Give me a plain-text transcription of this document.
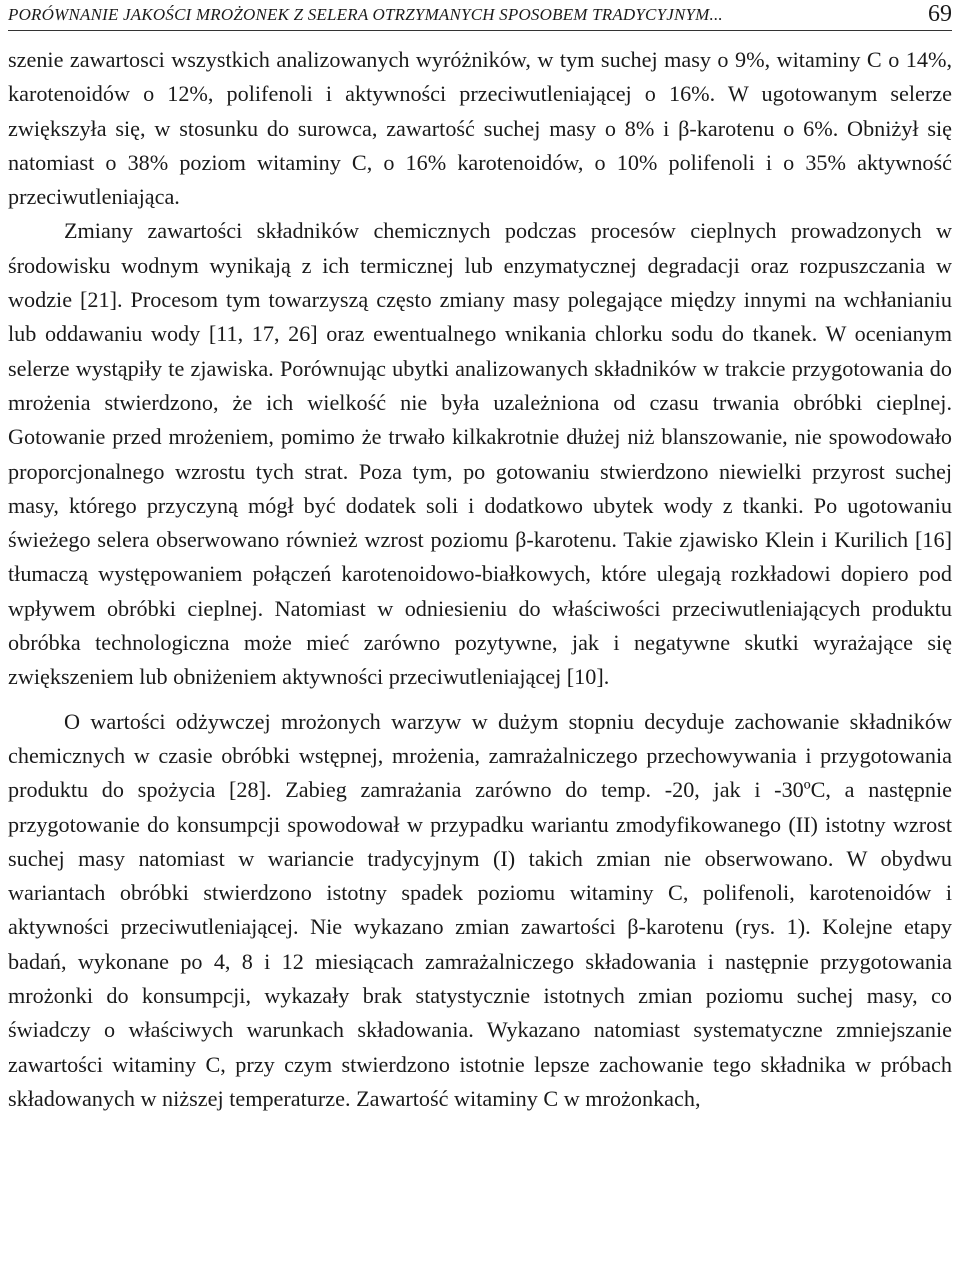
PORÓWNANIE JAKOŚCI MROŻONEK Z SELERA OTRZYMANYCH SPOSOBEM TRADYCYJNYM...	69

szenie zawartosci wszystkich analizowanych wyróżników, w tym suchej masy o 9%, witaminy C o 14%, karotenoidów o 12%, polifenoli i aktywności przeciwutleniającej o 16%. W ugotowanym selerze zwiększyła się, w stosunku do surowca, zawartość suchej masy o 8% i β-karotenu o 6%. Obniżył się natomiast o 38% poziom witaminy C, o 16% karotenoidów, o 10% polifenoli i o 35% aktywność przeciwutleniająca.

Zmiany zawartości składników chemicznych podczas procesów cieplnych prowadzonych w środowisku wodnym wynikają z ich termicznej lub enzymatycznej degradacji oraz rozpuszczania w wodzie [21]. Procesom tym towarzyszą często zmiany masy polegające między innymi na wchłanianiu lub oddawaniu wody [11, 17, 26] oraz ewentualnego wnikania chlorku sodu do tkanek. W ocenianym selerze wystąpiły te zjawiska. Porównując ubytki analizowanych składników w trakcie przygotowania do mrożenia stwierdzono, że ich wielkość nie była uzależniona od czasu trwania obróbki cieplnej. Gotowanie przed mrożeniem, pomimo że trwało kilkakrotnie dłużej niż blanszowanie, nie spowodowało proporcjonalnego wzrostu tych strat. Poza tym, po gotowaniu stwierdzono niewielki przyrost suchej masy, którego przyczyną mógł być dodatek soli i dodatkowo ubytek wody z tkanki. Po ugotowaniu świeżego selera obserwowano również wzrost poziomu β-karotenu. Takie zjawisko Klein i Kurilich [16] tłumaczą występowaniem połączeń karotenoidowo-białkowych, które ulegają rozkładowi dopiero pod wpływem obróbki cieplnej. Natomiast w odniesieniu do właściwości przeciwutleniających produktu obróbka technologiczna może mieć zarówno pozytywne, jak i negatywne skutki wyrażające się zwiększeniem lub obniżeniem aktywności przeciwutleniającej [10].

O wartości odżywczej mrożonych warzyw w dużym stopniu decyduje zachowanie składników chemicznych w czasie obróbki wstępnej, mrożenia, zamrażalniczego przechowywania i przygotowania produktu do spożycia [28]. Zabieg zamrażania zarówno do temp. -20, jak i -30ºC, a następnie przygotowanie do konsumpcji spowodował w przypadku wariantu zmodyfikowanego (II) istotny wzrost suchej masy natomiast w wariancie tradycyjnym (I) takich zmian nie obserwowano. W obydwu wariantach obróbki stwierdzono istotny spadek poziomu witaminy C, polifenoli, karotenoidów i aktywności przeciwutleniającej. Nie wykazano zmian zawartości β-karotenu (rys. 1). Kolejne etapy badań, wykonane po 4, 8 i 12 miesiącach zamrażalniczego składowania i następnie przygotowania mrożonki do konsumpcji, wykazały brak statystycznie istotnych zmian poziomu suchej masy, co świadczy o właściwych warunkach składowania. Wykazano natomiast systematyczne zmniejszanie zawartości witaminy C, przy czym stwierdzono istotnie lepsze zachowanie tego składnika w próbach składowanych w niższej temperaturze. Zawartość witaminy C w mrożonkach,
